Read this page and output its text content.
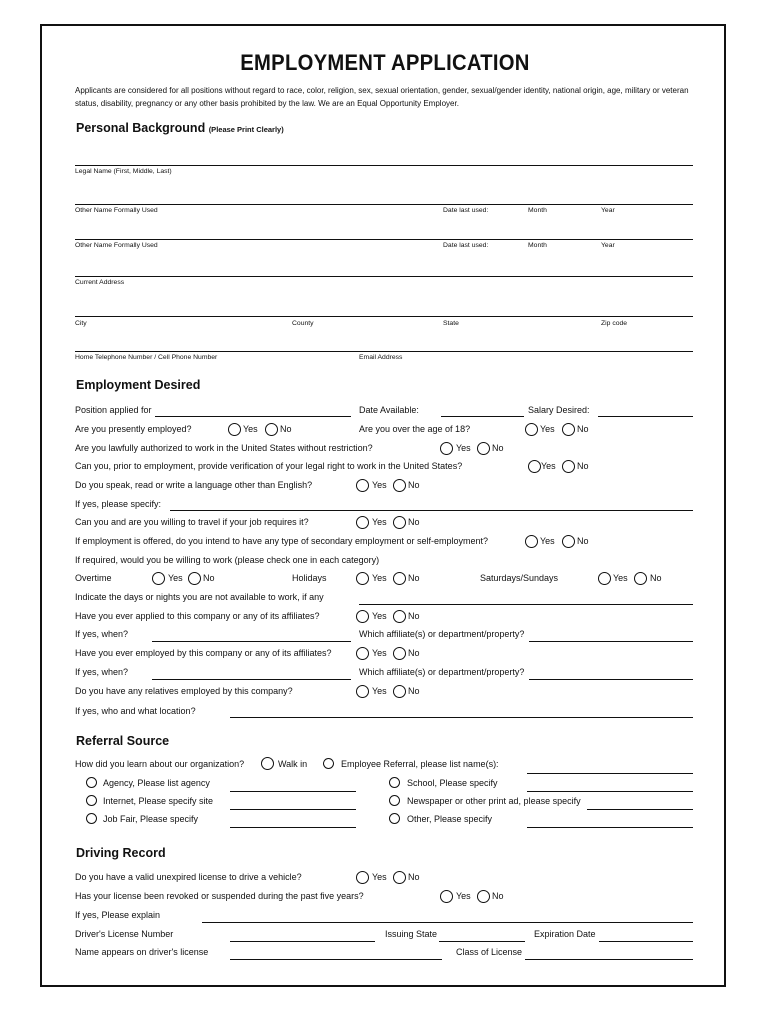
EMPLOYMENT APPLICATION
Applicants are considered for all positions without regard to race, color, religion, sex, sexual orientation, gender, sexual/gender identity, national origin, age, military or veteran status, disability, pregnancy or any other basis prohibited by the law. We are an Equal Opportunity Employer.
Personal Background (Please Print Clearly)
Legal Name (First, Middle, Last)
Other Name Formally Used	Date last used:	Month	Year
Other Name Formally Used	Date last used:	Month	Year
Current Address
City	County	State	Zip code
Home Telephone Number / Cell Phone Number	Email Address
Employment Desired
Position applied for	Date Available:	Salary Desired:
Are you presently employed?	Yes No	Are you over the age of 18?	Yes No
Are you lawfully authorized to work in the United States without restriction?	Yes No
Can you, prior to employment, provide verification of your legal right to work in the United States?	Yes No
Do you speak, read or write a language other than English?	Yes No
If yes, please specify:
Can you and are you willing to travel if your job requires it?	Yes No
If employment is offered, do you intend to have any type of secondary employment or self-employment?	Yes No
If required, would you be willing to work (please check one in each category)
Overtime	Yes No	Holidays	Yes No	Saturdays/Sundays	Yes No
Indicate the days or nights you are not available to work, if any
Have you ever applied to this company or any of its affiliates?	Yes No
If yes, when?	Which affiliate(s) or department/property?
Have you ever employed by this company or any of its affiliates?	Yes No
If yes, when?	Which affiliate(s) or department/property?
Do you have any relatives employed by this company?	Yes No
If yes, who and what location?
Referral Source
How did you learn about our organization?	Walk in	Employee Referral, please list name(s):
Agency, Please list agency	School, Please specify
Internet, Please specify site	Newspaper or other print ad, please specify
Job Fair, Please specify	Other, Please specify
Driving Record
Do you have a valid unexpired license to drive a vehicle?	Yes No
Has your license been revoked or suspended during the past five years?	Yes No
If yes, Please explain
Driver's License Number	Issuing State	Expiration Date
Name appears on driver's license	Class of License
